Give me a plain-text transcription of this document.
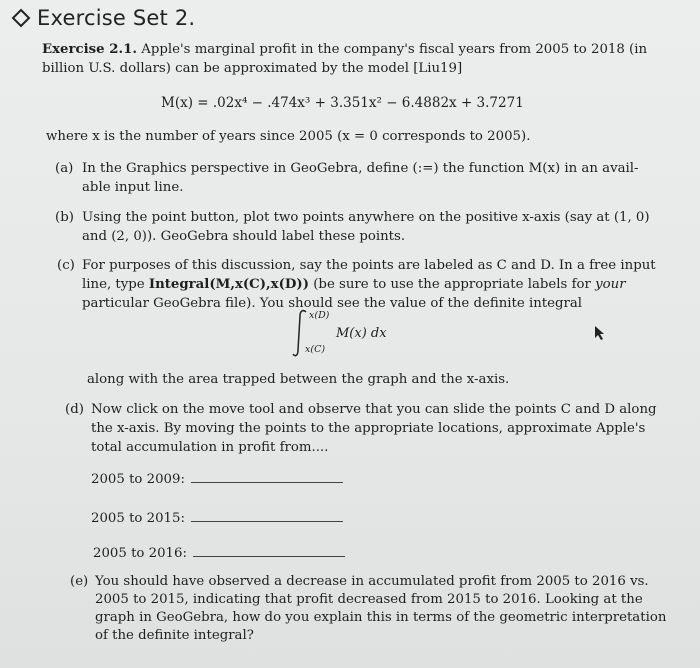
Exercise Set 2.
Exercise 2.1. Apple's marginal profit in the company's fiscal years from 2005 to 2018 (in
billion U.S. dollars) can be approximated by the model [Liu19]
M(x) = .02x⁴ − .474x³ + 3.351x² − 6.4882x + 3.7271
where x is the number of years since 2005 (x = 0 corresponds to 2005).
(a) In the Graphics perspective in GeoGebra, define (:=) the function M(x) in an avail-
able input line.
(b) Using the point button, plot two points anywhere on the positive x-axis (say at (1, 0)
and (2, 0)). GeoGebra should label these points.
(c) For purposes of this discussion, say the points are labeled as C and D. In a free input
line, type Integral(M,x(C),x(D)) (be sure to use the appropriate labels for your
particular GeoGebra file). You should see the value of the definite integral
x(D)
x(C)
M(x) dx
along with the area trapped between the graph and the x-axis.
(d) Now click on the move tool and observe that you can slide the points C and D along
the x-axis. By moving the points to the appropriate locations, approximate Apple's
total accumulation in profit from....
2005 to 2009:
2005 to 2015:
2005 to 2016:
(e) You should have observed a decrease in accumulated profit from 2005 to 2016 vs.
2005 to 2015, indicating that profit decreased from 2015 to 2016. Looking at the
graph in GeoGebra, how do you explain this in terms of the geometric interpretation
of the definite integral?
